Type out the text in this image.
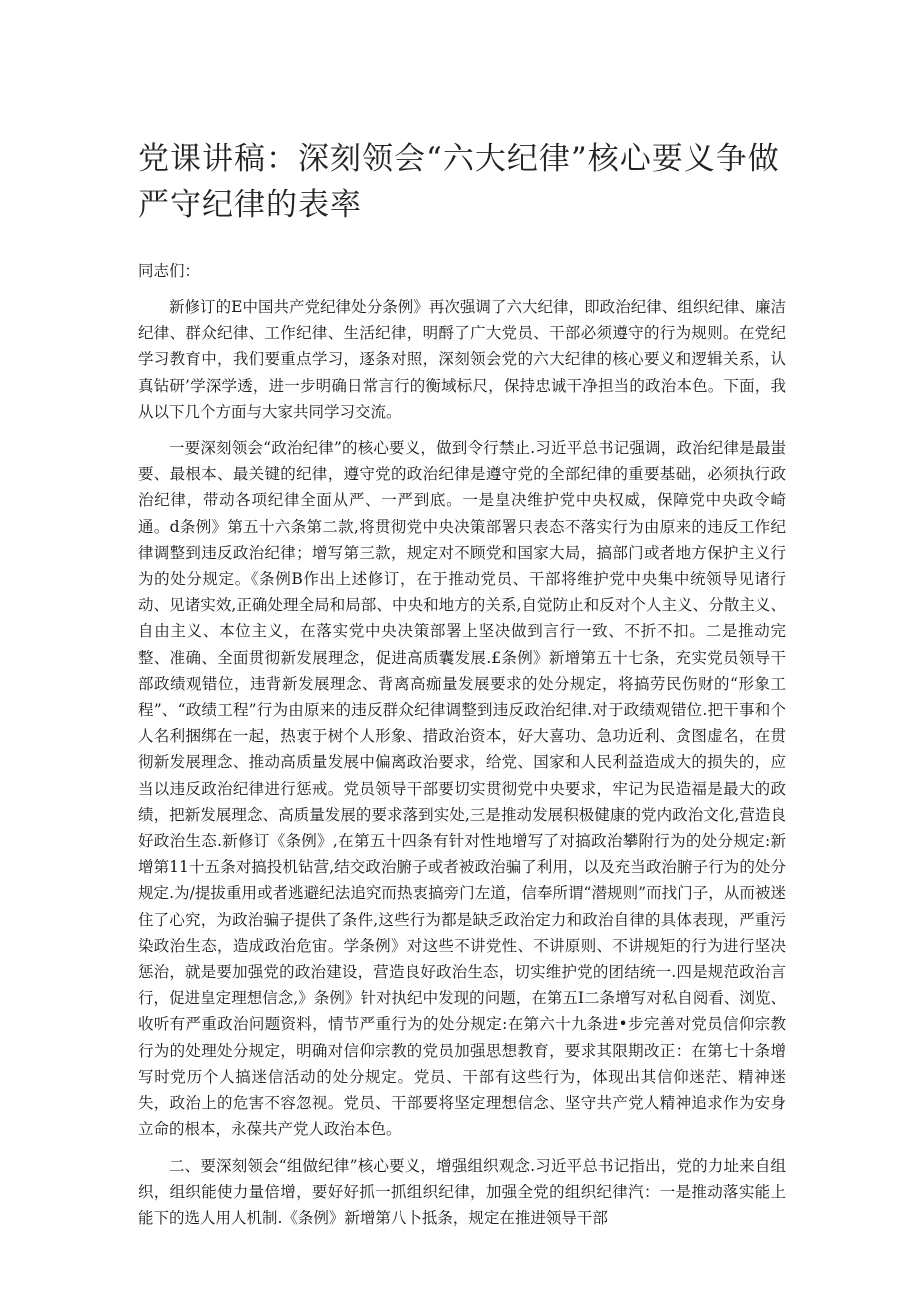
党课讲稿：深刻领会“六大纪律”核心要义争做严守纪律的表率

同志们：

新修订的E中国共产党纪律处分条例》再次强调了六大纪律，即政治纪律、组织纪律、廉洁纪律、群众纪律、工作纪律、生活纪律，明酹了广大党员、干部必须遵守的行为规则。在党纪学习教育中，我们要重点学习，逐条对照，深刻领会党的六大纪律的核心要义和逻辑关系，认真钻研’学深学透，进一步明确日常言行的衡域标尺，保持忠诚干净担当的政治本色。下面，我从以下几个方面与大家共同学习交流。

一要深刻领会“政治纪律”的核心要义，做到令行禁止.习近平总书记强调，政治纪律是最蚩要、最根本、最关键的纪律，遵守党的政治纪律是遵守党的全部纪律的重要基础，必须执行政治纪律，带动各项纪律全面从严、一严到底。一是皇决维护党中央权威，保障党中央政令崎通。d条例》第五十六条第二款,将贯彻党中央决策部署只表态不落实行为由原来的违反工作纪律调整到违反政治纪律；增写第三款，规定对不顾党和国家大局，搞部门或者地方保护主义行为的处分规定。《条例B作出上述修订，在于推动党员、干部将维护党中央集中统领导见诸行动、见诸实效,正确处理全局和局部、中央和地方的关系,自觉防止和反对个人主义、分散主义、自由主义、本位主义，在落实党中央决策部署上坚决做到言行一致、不折不扣。二是推动完整、准确、全面贯彻新发展理念，促进高质囊发展.£条例》新增第五十七条，充实党员领导干部政绩观错位，违背新发展理念、背离高痂量发展要求的处分规定，将搞劳民伤财的“形象工程”、“政绩工程”行为由原来的违反群众纪律调整到违反政治纪律.对于政绩观错位.把干事和个人名利捆绑在一起，热衷于树个人形象、措政治资本，好大喜功、急功近利、贪图虚名，在贯彻新发展理念、推动高质量发展中偏离政治要求，给党、国家和人民利益造成大的损失的，应当以违反政治纪律进行惩戒。党员领导干部要切实贯彻党中央要求，牢记为民造福是最大的政绩，把新发展理念、高质量发展的要求落到实处,三是推动发展积极健康的党内政治文化,营造良好政治生态.新修订《条例》,在第五十四条有针对性地增写了对搞政治攀附行为的处分规定:新增第11十五条对搞投机钻营,结交政治腑子或者被政治骗了利用，以及充当政治腑子行为的处分规定.为/提拔重用或者逃避纪法追究而热衷搞旁门左道，信奉所谓“潜规则”而找门子，从而被迷住了心究，为政治骗子提供了条件,这些行为都是缺乏政治定力和政治自律的具体表现，严重污染政治生态，造成政治危宙。学条例》对这些不讲党性、不讲原则、不讲规矩的行为进行坚决惩治，就是要加强党的政治建设，营造良好政治生态，切实维护党的团结统一.四是规范政治言行，促进皇定理想信念,》条例》针对执纪中发现的问题，在第五I二条增写对私自阅看、浏览、收听有严重政治问题资料，情节严重行为的处分规定:在第六十九条进•步完善对党员信仰宗教行为的处理处分规定，明确对信仰宗教的党员加强思想教育，要求其限期改正：在第七十条增写时党历个人搞迷信活动的处分规定。党员、干部有这些行为，体现出其信仰迷茫、精神迷失，政治上的危害不容忽视。党员、干部要将坚定理想信念、坚守共产党人精神追求作为安身立命的根本，永葆共产党人政治本色。

二、要深刻领会“组做纪律”核心要义，增强组织观念.习近平总书记指出，党的力址来自组织，组织能使力量倍增，要好好抓一抓组织纪律，加强全党的组织纪律汽：一是推动落实能上能下的选人用人机制.《条例》新增第八卜抵条，规定在推进领导干部
